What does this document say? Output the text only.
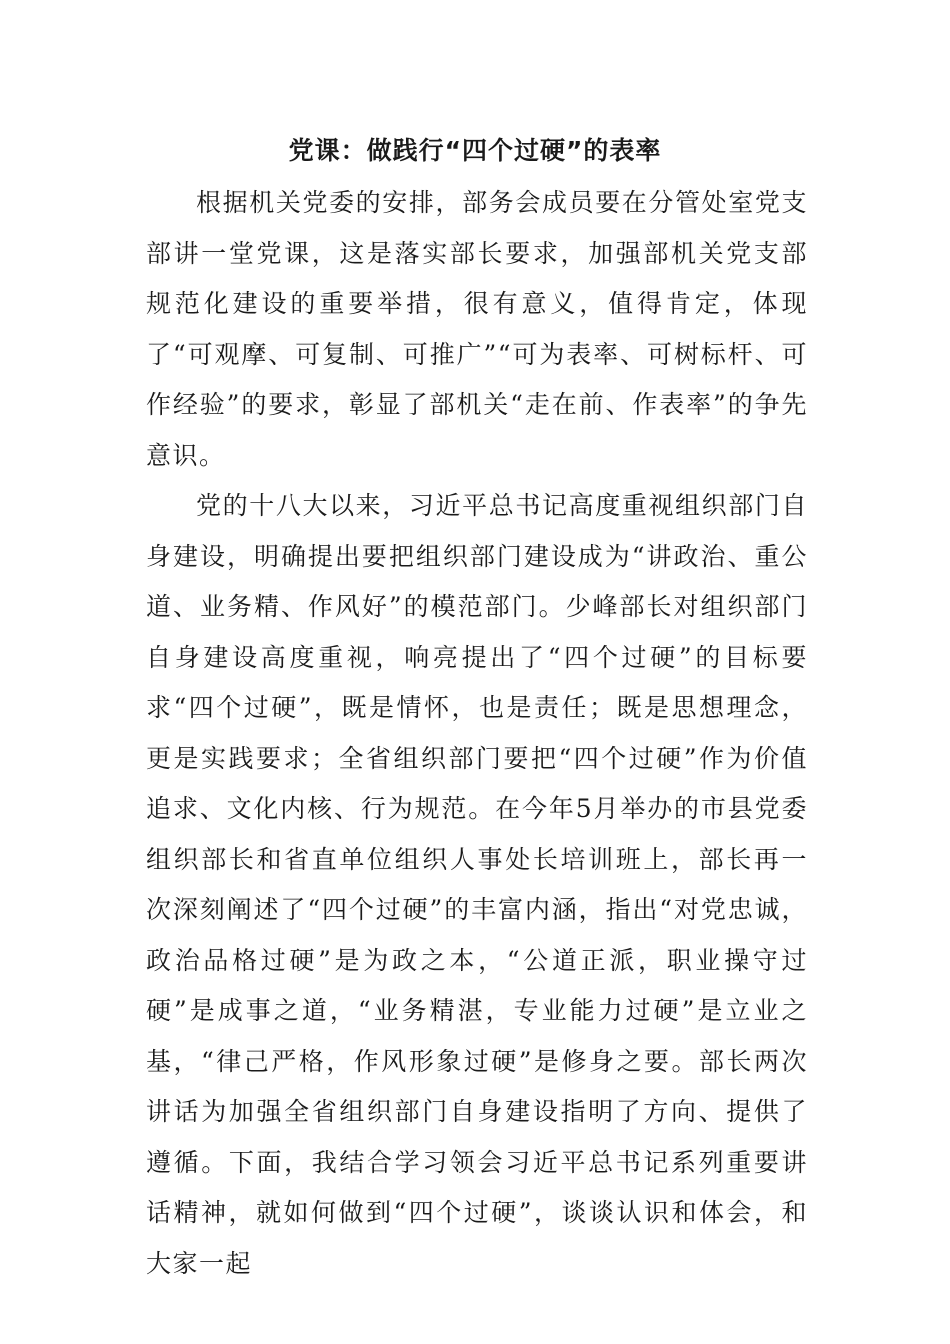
党课：做践行“四个过硬”的表率

根据机关党委的安排，部务会成员要在分管处室党支部讲一堂党课，这是落实部长要求，加强部机关党支部规范化建设的重要举措，很有意义，值得肯定，体现了“可观摩、可复制、可推广”“可为表率、可树标杆、可作经验”的要求，彰显了部机关“走在前、作表率”的争先意识。

党的十八大以来，习近平总书记高度重视组织部门自身建设，明确提出要把组织部门建设成为“讲政治、重公道、业务精、作风好”的模范部门。少峰部长对组织部门自身建设高度重视，响亮提出了“四个过硬”的目标要求“四个过硬”，既是情怀，也是责任；既是思想理念，更是实践要求；全省组织部门要把“四个过硬”作为价值追求、文化内核、行为规范。在今年5月举办的市县党委组织部长和省直单位组织人事处长培训班上，部长再一次深刻阐述了“四个过硬”的丰富内涵，指出“对党忠诚，政治品格过硬”是为政之本，“公道正派，职业操守过硬”是成事之道，“业务精湛，专业能力过硬”是立业之基，“律己严格，作风形象过硬”是修身之要。部长两次讲话为加强全省组织部门自身建设指明了方向、提供了遵循。下面，我结合学习领会习近平总书记系列重要讲话精神，就如何做到“四个过硬”，谈谈认识和体会，和大家一起
